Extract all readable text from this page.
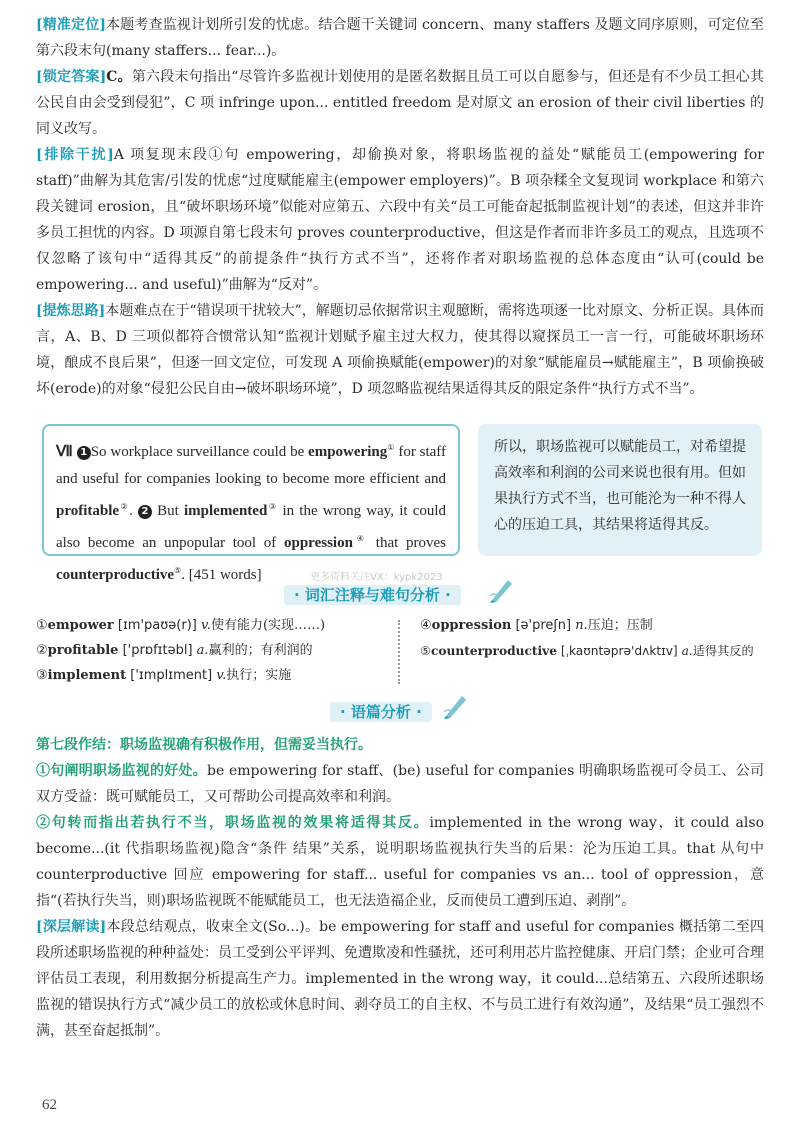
[精准定位]本题考查监视计划所引发的忧虑。结合题干关键词 concern、many staffers 及题文同序原则，可定位至第六段末句(many staffers... fear...)。

[锁定答案]C。第六段末句指出“尽管许多监视计划使用的是匿名数据且员工可以自愿参与，但还是有不少员工担心其公民自由会受到侵犯”，C 项 infringe upon... entitled freedom 是对原文 an erosion of their civil liberties 的同义改写。

[排除干扰]A 项复现末段①句 empowering，却偷换对象，将职场监视的益处“赋能员工(empowering for staff)”曲解为其危害/引发的忧虑“过度赋能雇主(empower employers)”。B 项杂糅全文复现词 workplace 和第六段关键词 erosion，且“破坏职场环境”似能对应第五、六段中有关“员工可能奋起抵制监视计划”的表述，但这并非许多员工担忧的内容。D 项源自第七段末句 proves counterproductive，但这是作者而非许多员工的观点，且选项不仅忽略了该句中“适得其反”的前提条件“执行方式不当”，还将作者对职场监视的总体态度由“认可(could be empowering... and useful)”曲解为“反对”。

[提炼思路]本题难点在于“错误项干扰较大”，解题切忌依据常识主观臆断，需将选项逐一比对原文、分析正误。具体而言，A、B、D 三项似都符合惯常认知“监视计划赋予雇主过大权力，使其得以窥探员工一言一行，可能破坏职场环境，酿成不良后果”，但逐一回文定位，可发现 A 项偷换赋能(empower)的对象“赋能雇员→赋能雇主”，B 项偷换破坏(erode)的对象“侵犯公民自由→破坏职场环境”，D 项忽略监视结果适得其反的限定条件“执行方式不当”。

Ⅶ 1 So workplace surveillance could be empowering① for staff and useful for companies looking to become more efficient and profitable②. 2 But implemented③ in the wrong way, it could also become an unpopular tool of oppression④ that proves counterproductive⑤. [451 words]

所以，职场监视可以赋能员工，对希望提高效率和利润的公司来说也很有用。但如果执行方式不当，也可能沦为一种不得人心的压迫工具，其结果将适得其反。
更多资料关注VX：kypk2023
· 词汇注释与难句分析 ·
①empower [ɪm'paʊə(r)] v.使有能力(实现……)
②profitable ['prɒfɪtəbl] a.赢利的；有利润的
③implement ['ɪmplɪment] v.执行；实施
④oppression [ə'preʃn] n.压迫；压制
⑤counterproductive [ˌkaʊntəprə'dʌktɪv] a.适得其反的
· 语篇分析 ·

第七段作结：职场监视确有积极作用，但需妥当执行。

①句阐明职场监视的好处。be empowering for staff、(be) useful for companies 明确职场监视可令员工、公司双方受益：既可赋能员工，又可帮助公司提高效率和利润。

②句转而指出若执行不当，职场监视的效果将适得其反。implemented in the wrong way，it could also become...(it 代指职场监视)隐含“条件 结果”关系，说明职场监视执行失当的后果：沦为压迫工具。that 从句中 counterproductive 回应 empowering for staff... useful for companies vs an... tool of oppression，意指“(若执行失当，则)职场监视既不能赋能员工，也无法造福企业，反而使员工遭到压迫、剥削”。

[深层解读]本段总结观点，收束全文(So...)。be empowering for staff and useful for companies 概括第二至四段所述职场监视的种种益处：员工受到公平评判、免遭欺凌和性骚扰，还可利用芯片监控健康、开启门禁；企业可合理评估员工表现，利用数据分析提高生产力。implemented in the wrong way，it could...总结第五、六段所述职场监视的错误执行方式“减少员工的放松或休息时间、剥夺员工的自主权、不与员工进行有效沟通”，及结果“员工强烈不满，甚至奋起抵制”。

62
